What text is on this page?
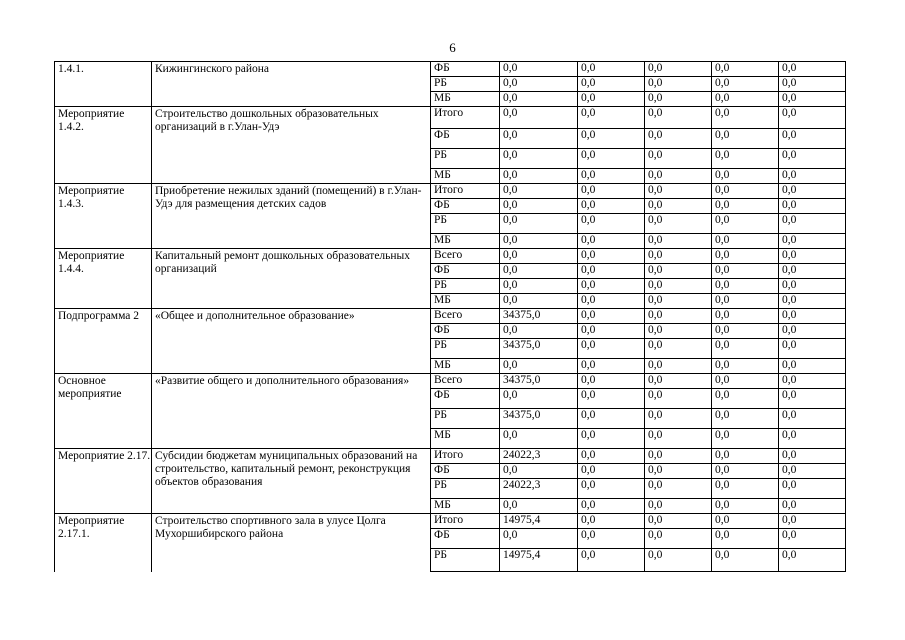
6
1.4.1.	Кижингинского района	ФБ	0,0	0,0	0,0	0,0	0,0
		РБ	0,0	0,0	0,0	0,0	0,0
		МБ	0,0	0,0	0,0	0,0	0,0
Мероприятие 1.4.2.	Строительство дошкольных образовательных организаций в г.Улан-Удэ	Итого	0,0	0,0	0,0	0,0	0,0
		ФБ	0,0	0,0	0,0	0,0	0,0
		РБ	0,0	0,0	0,0	0,0	0,0
		МБ	0,0	0,0	0,0	0,0	0,0
Мероприятие 1.4.3.	Приобретение нежилых зданий (помещений) в г.Улан-Удэ для размещения детских садов	Итого	0,0	0,0	0,0	0,0	0,0
		ФБ	0,0	0,0	0,0	0,0	0,0
		РБ	0,0	0,0	0,0	0,0	0,0
		МБ	0,0	0,0	0,0	0,0	0,0
Мероприятие 1.4.4.	Капитальный ремонт дошкольных образовательных организаций	Всего	0,0	0,0	0,0	0,0	0,0
		ФБ	0,0	0,0	0,0	0,0	0,0
		РБ	0,0	0,0	0,0	0,0	0,0
		МБ	0,0	0,0	0,0	0,0	0,0
Подпрограмма 2	«Общее и дополнительное образование»	Всего	34375,0	0,0	0,0	0,0	0,0
		ФБ	0,0	0,0	0,0	0,0	0,0
		РБ	34375,0	0,0	0,0	0,0	0,0
		МБ	0,0	0,0	0,0	0,0	0,0
Основное мероприятие	«Развитие общего и дополнительного образования»	Всего	34375,0	0,0	0,0	0,0	0,0
		ФБ	0,0	0,0	0,0	0,0	0,0
		РБ	34375,0	0,0	0,0	0,0	0,0
		МБ	0,0	0,0	0,0	0,0	0,0
Мероприятие 2.17.	Субсидии бюджетам муниципальных образований на строительство, капитальный ремонт, реконструкция объектов образования	Итого	24022,3	0,0	0,0	0,0	0,0
		ФБ	0,0	0,0	0,0	0,0	0,0
		РБ	24022,3	0,0	0,0	0,0	0,0
		МБ	0,0	0,0	0,0	0,0	0,0
Мероприятие 2.17.1.	Строительство спортивного зала в улусе Цолга Мухоршибирского района	Итого	14975,4	0,0	0,0	0,0	0,0
		ФБ	0,0	0,0	0,0	0,0	0,0
		РБ	14975,4	0,0	0,0	0,0	0,0
